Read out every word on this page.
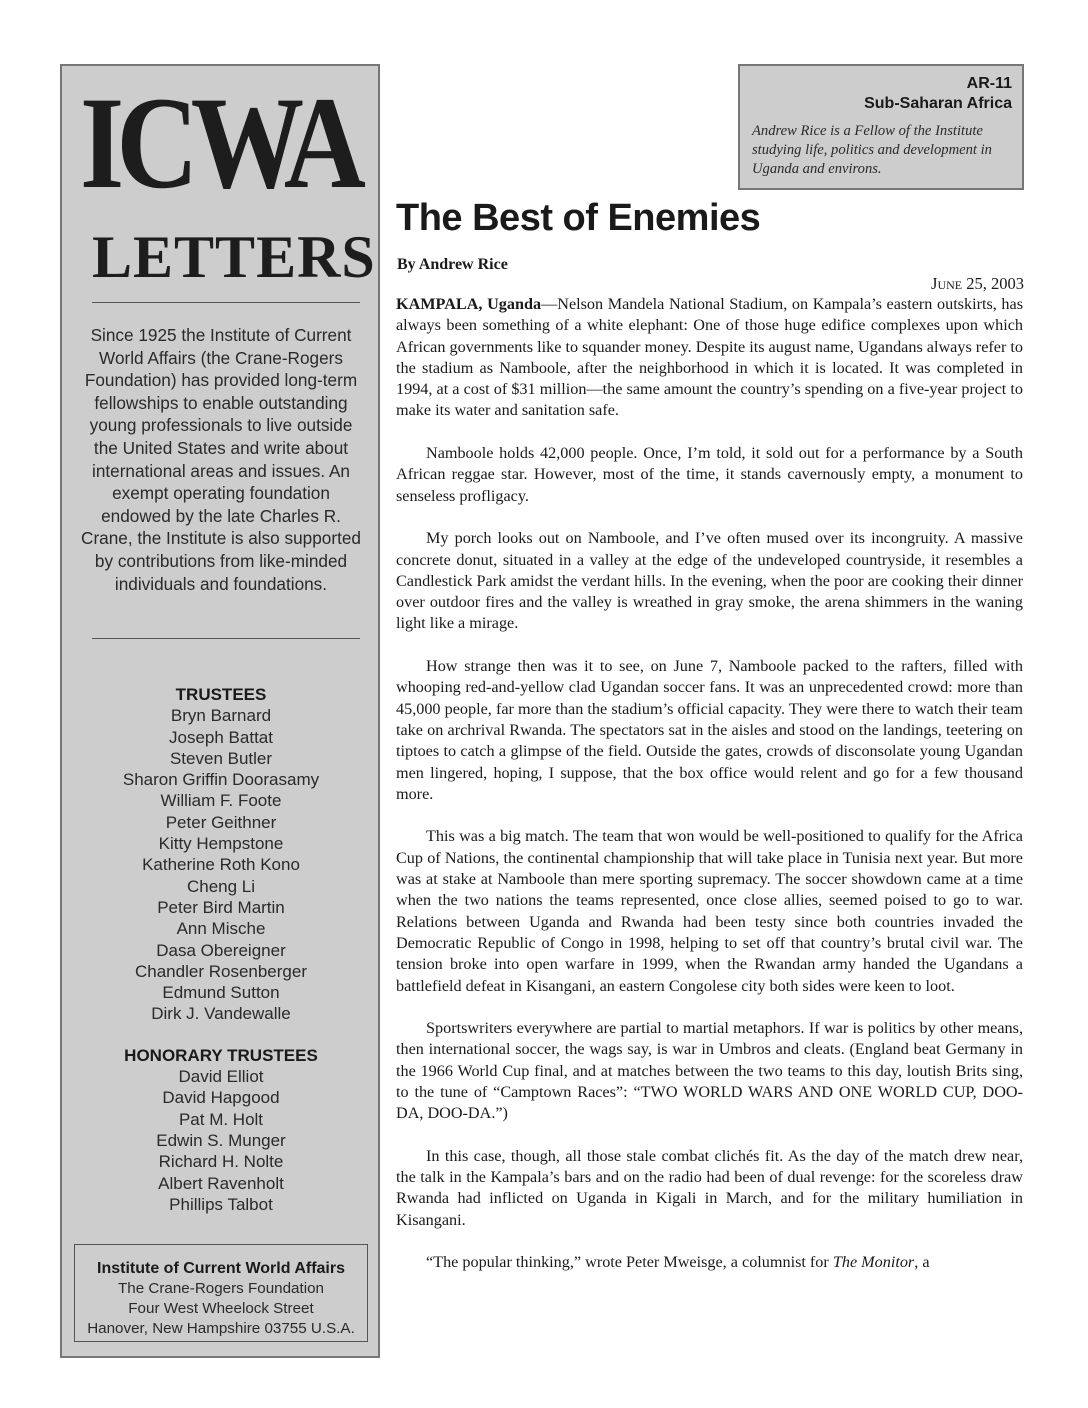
ICWA
LETTERS
Since 1925 the Institute of Current World Affairs (the Crane-Rogers Foundation) has provided long-term fellowships to enable outstanding young professionals to live outside the United States and write about international areas and issues. An exempt operating foundation endowed by the late Charles R. Crane, the Institute is also supported by contributions from like-minded individuals and foundations.
TRUSTEES
Bryn Barnard
Joseph Battat
Steven Butler
Sharon Griffin Doorasamy
William F. Foote
Peter Geithner
Kitty Hempstone
Katherine Roth Kono
Cheng Li
Peter Bird Martin
Ann Mische
Dasa Obereigner
Chandler Rosenberger
Edmund Sutton
Dirk J. Vandewalle
HONORARY TRUSTEES
David Elliot
David Hapgood
Pat M. Holt
Edwin S. Munger
Richard H. Nolte
Albert Ravenholt
Phillips Talbot
Institute of Current World Affairs
The Crane-Rogers Foundation
Four West Wheelock Street
Hanover, New Hampshire 03755 U.S.A.
AR-11
Sub-Saharan Africa
Andrew Rice is a Fellow of the Institute studying life, politics and development in Uganda and environs.
The Best of Enemies
By Andrew Rice
June 25, 2003

KAMPALA, Uganda—Nelson Mandela National Stadium, on Kampala’s eastern outskirts, has always been something of a white elephant: One of those huge edifice complexes upon which African governments like to squander money. Despite its august name, Ugandans always refer to the stadium as Namboole, after the neighborhood in which it is located. It was completed in 1994, at a cost of $31 million—the same amount the country’s spending on a five-year project to make its water and sanitation safe.

Namboole holds 42,000 people. Once, I’m told, it sold out for a performance by a South African reggae star. However, most of the time, it stands cavernously empty, a monument to senseless profligacy.

My porch looks out on Namboole, and I’ve often mused over its incongruity. A massive concrete donut, situated in a valley at the edge of the undeveloped countryside, it resembles a Candlestick Park amidst the verdant hills. In the evening, when the poor are cooking their dinner over outdoor fires and the valley is wreathed in gray smoke, the arena shimmers in the waning light like a mirage.

How strange then was it to see, on June 7, Namboole packed to the rafters, filled with whooping red-and-yellow clad Ugandan soccer fans. It was an unprecedented crowd: more than 45,000 people, far more than the stadium’s official capacity. They were there to watch their team take on archrival Rwanda. The spectators sat in the aisles and stood on the landings, teetering on tiptoes to catch a glimpse of the field. Outside the gates, crowds of disconsolate young Ugandan men lingered, hoping, I suppose, that the box office would relent and go for a few thousand more.

This was a big match. The team that won would be well-positioned to qualify for the Africa Cup of Nations, the continental championship that will take place in Tunisia next year. But more was at stake at Namboole than mere sporting supremacy. The soccer showdown came at a time when the two nations the teams represented, once close allies, seemed poised to go to war. Relations between Uganda and Rwanda had been testy since both countries invaded the Democratic Republic of Congo in 1998, helping to set off that country’s brutal civil war. The tension broke into open warfare in 1999, when the Rwandan army handed the Ugandans a battlefield defeat in Kisangani, an eastern Congolese city both sides were keen to loot.

Sportswriters everywhere are partial to martial metaphors. If war is politics by other means, then international soccer, the wags say, is war in Umbros and cleats. (England beat Germany in the 1966 World Cup final, and at matches between the two teams to this day, loutish Brits sing, to the tune of “Camptown Races”: “TWO WORLD WARS AND ONE WORLD CUP, DOO-DA, DOO-DA.”)

In this case, though, all those stale combat clichés fit. As the day of the match drew near, the talk in the Kampala’s bars and on the radio had been of dual revenge: for the scoreless draw Rwanda had inflicted on Uganda in Kigali in March, and for the military humiliation in Kisangani.

“The popular thinking,” wrote Peter Mweisge, a columnist for The Monitor, a
